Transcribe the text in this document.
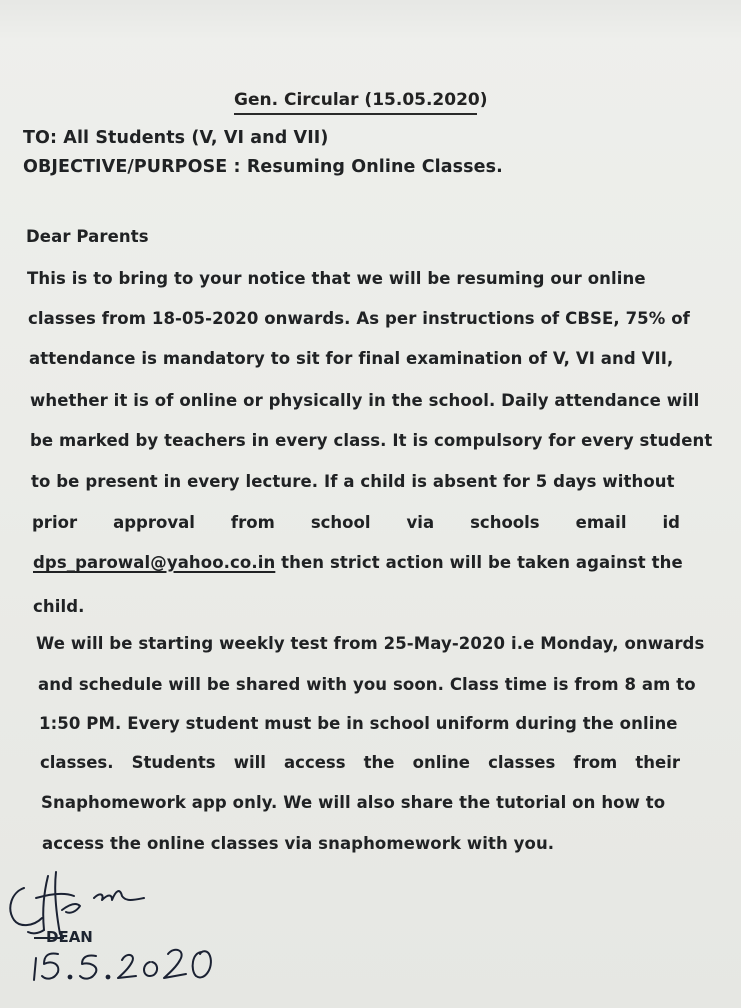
Gen. Circular (15.05.2020)
TO: All Students (V, VI and VII)
OBJECTIVE/PURPOSE : Resuming Online Classes.
Dear Parents
This is to bring to your notice that we will be resuming our online
classes from 18-05-2020 onwards. As per instructions of CBSE, 75% of
attendance is mandatory to sit for final examination of V, VI and VII,
whether it is of online or physically in the school. Daily attendance will
be marked by teachers in every class. It is compulsory for every student
to be present in every lecture. If a child is absent for 5 days without
prior approval from school via schools email id
dps_parowal@yahoo.co.in then strict action will be taken against the
child.
We will be starting weekly test from 25-May-2020 i.e Monday, onwards
and schedule will be shared with you soon. Class time is from 8 am to
1:50 PM. Every student must be in school uniform during the online
classes. Students will access the online classes from their
Snaphomework app only. We will also share the tutorial on how to
access the online classes via snaphomework with you.
DEAN
